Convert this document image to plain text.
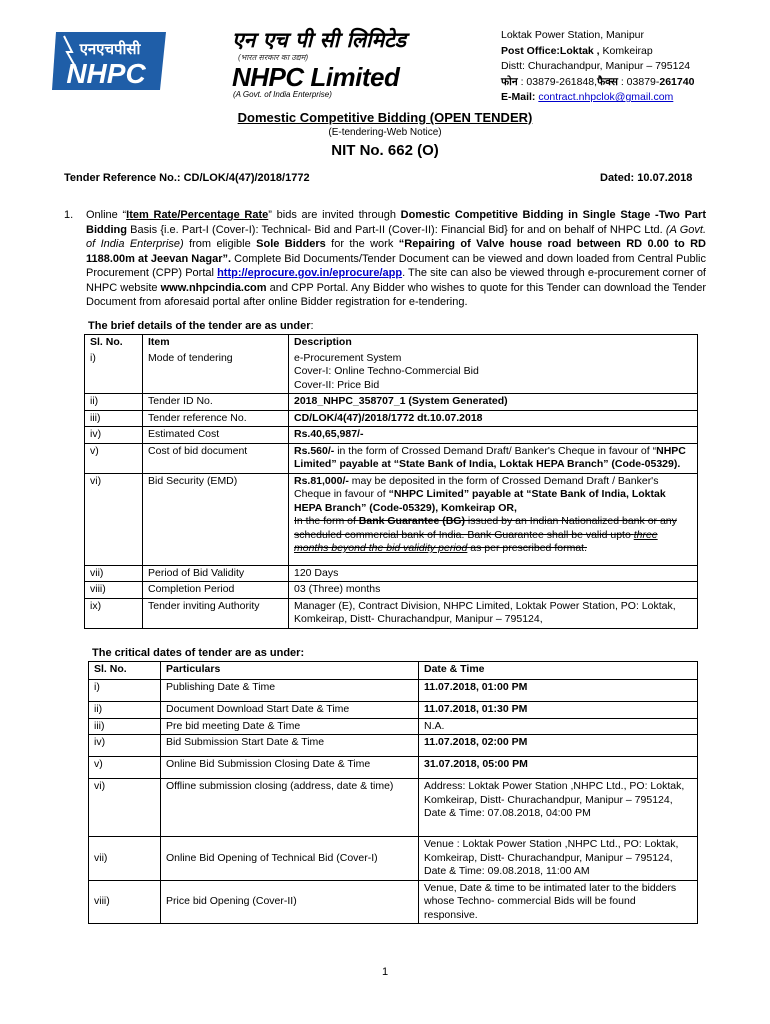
एनएचपीसी
NHPC
एन एच पी सी लिमिटेड
(भारत सरकार का उद्यम)
NHPC Limited
(A Govt. of India Enterprise)
Loktak Power Station, Manipur
Post Office:Loktak , Komkeirap
Distt: Churachandpur, Manipur – 795124
फोन : 03879-261848,फैक्स : 03879-261740
E-Mail: contract.nhpclok@gmail.com
Domestic Competitive Bidding (OPEN TENDER)
(E-tendering-Web Notice)
NIT No. 662 (O)
Tender Reference No.: CD/LOK/4(47)/2018/1772	Dated: 10.07.2018
1. Online “Item Rate/Percentage Rate” bids are invited through Domestic Competitive Bidding in Single Stage -Two Part Bidding Basis {i.e. Part-I (Cover-I): Technical- Bid and Part-II (Cover-II): Financial Bid} for and on behalf of NHPC Ltd. (A Govt. of India Enterprise) from eligible Sole Bidders for the work “Repairing of Valve house road between RD 0.00 to RD 1188.00m at Jeevan Nagar”. Complete Bid Documents/Tender Document can be viewed and down loaded from Central Public Procurement (CPP) Portal http://eprocure.gov.in/eprocure/app. The site can also be viewed through e-procurement corner of NHPC website www.nhpcindia.com and CPP Portal. Any Bidder who wishes to quote for this Tender can download the Tender Document from aforesaid portal after online Bidder registration for e-tendering.
The brief details of the tender are as under:
Sl. No.	Item	Description
i)	Mode of tendering	e-Procurement System
Cover-I: Online Techno-Commercial Bid
Cover-II: Price Bid

ii)	Tender ID No.	2018_NHPC_358707_1 (System Generated)
iii)	Tender reference No.	CD/LOK/4(47)/2018/1772 dt.10.07.2018
iv)	Estimated Cost	Rs.40,65,987/-
v)	Cost of bid document	Rs.560/- in the form of Crossed Demand Draft/ Banker's Cheque in favour of “NHPC Limited” payable at “State Bank of India, Loktak HEPA Branch” (Code-05329).
vi)	Bid Security (EMD)	Rs.81,000/- may be deposited in the form of Crossed Demand Draft / Banker's Cheque in favour of “NHPC Limited” payable at “State Bank of India, Loktak HEPA Branch” (Code-05329), Komkeirap OR,
In the form of Bank Guarantee (BG) issued by an Indian Nationalized bank or any scheduled commercial bank of India. Bank Guarantee shall be valid upto three months beyond the bid validity period as per prescribed format.
vii)	Period of Bid Validity	120 Days
viii)	Completion Period	03 (Three) months
ix)	Tender inviting Authority	Manager (E), Contract Division, NHPC Limited, Loktak Power Station, PO: Loktak, Komkeirap, Distt- Churachandpur, Manipur – 795124,
The critical dates of tender are as under:
Sl. No.	Particulars	Date & Time
i)	Publishing Date & Time	11.07.2018, 01:00 PM
ii)	Document Download Start Date & Time	11.07.2018, 01:30 PM
iii)	Pre bid meeting Date & Time	N.A.
iv)	Bid Submission Start Date & Time	11.07.2018, 02:00 PM
v)	Online Bid Submission Closing Date & Time	31.07.2018, 05:00 PM
vi)	Offline submission closing (address, date & time)	Address: Loktak Power Station ,NHPC Ltd., PO: Loktak, Komkeirap, Distt- Churachandpur, Manipur – 795124,
Date & Time: 07.08.2018, 04:00 PM

vii)	Online Bid Opening of Technical Bid (Cover-I)	Venue : Loktak Power Station ,NHPC Ltd., PO: Loktak, Komkeirap, Distt- Churachandpur, Manipur – 795124,
Date & Time: 09.08.2018, 11:00 AM

viii)	Price bid Opening (Cover-II)	Venue, Date & time to be intimated later to the bidders whose Techno- commercial Bids will be found responsive.
1
